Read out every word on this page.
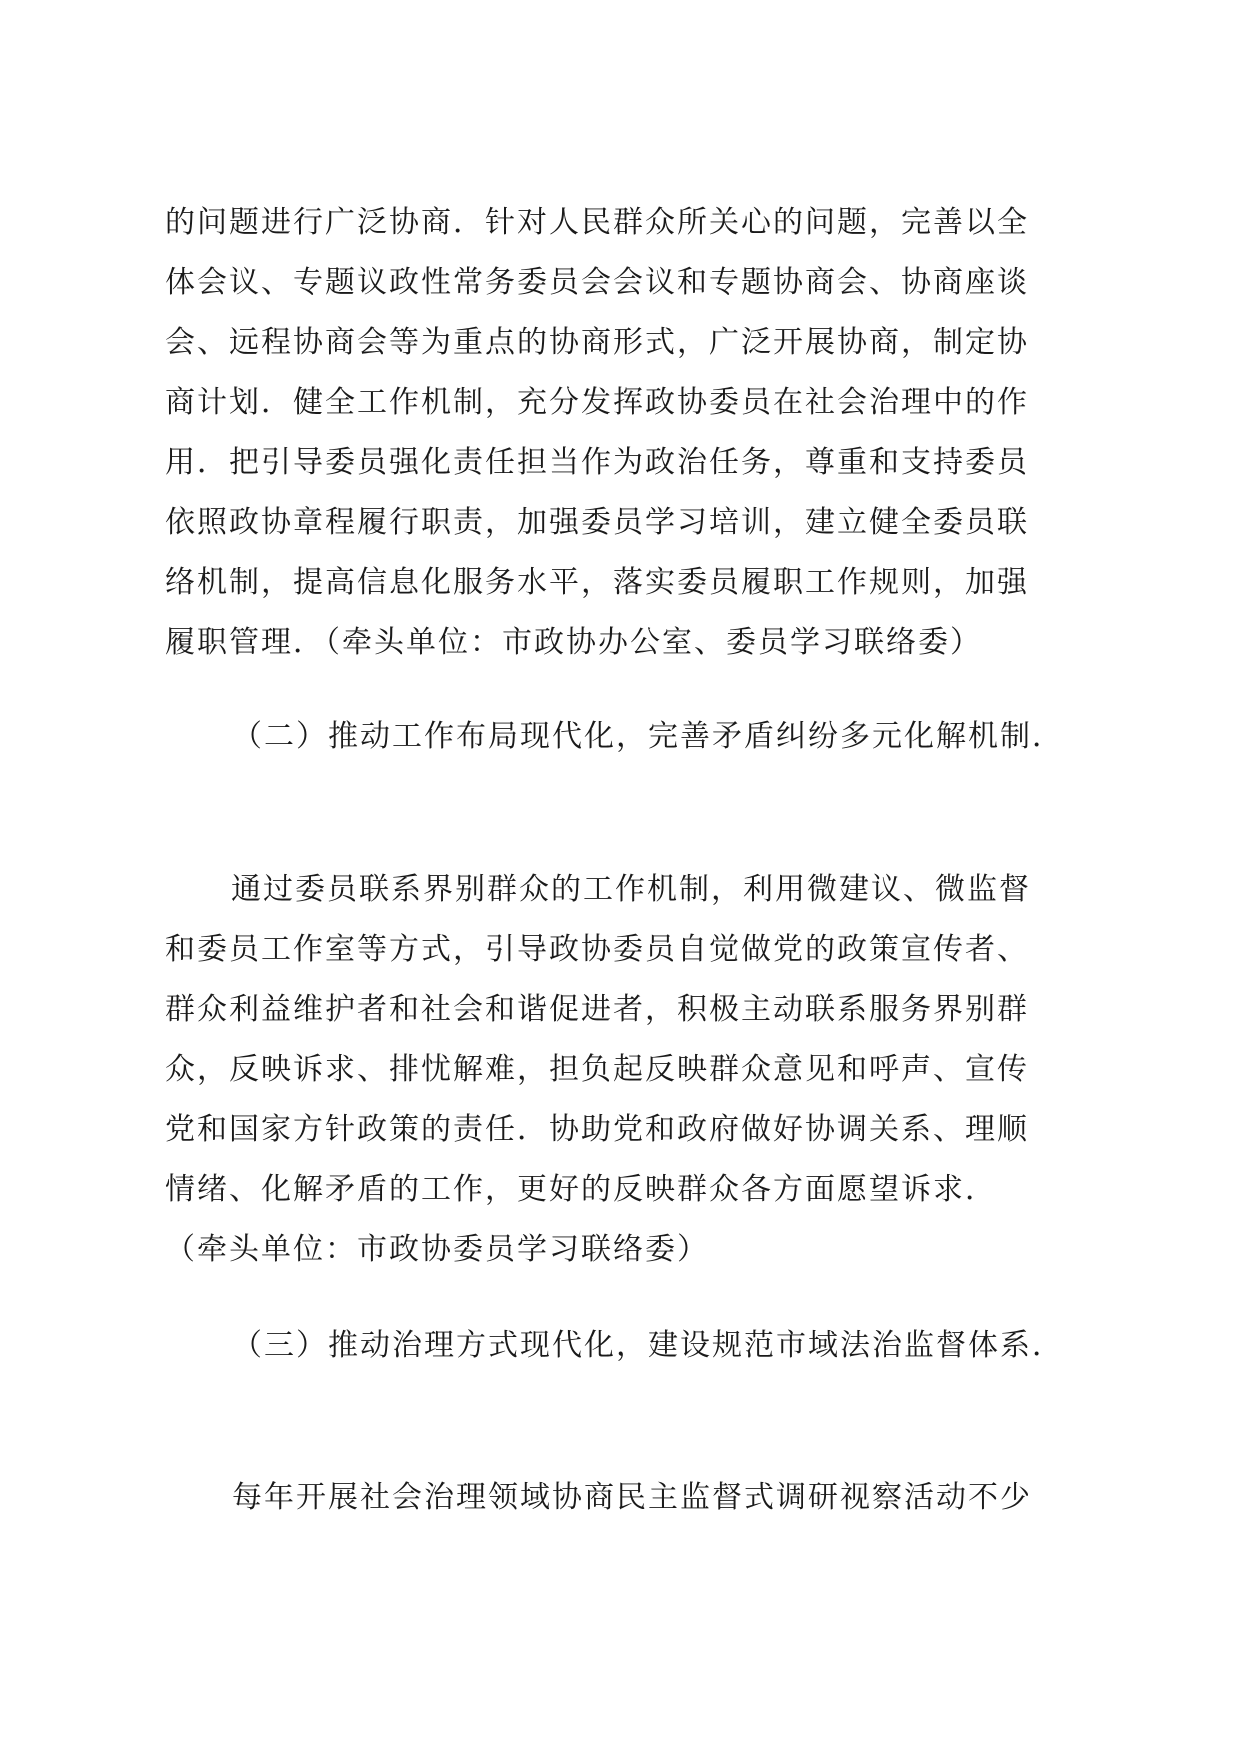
的问题进行广泛协商．针对人民群众所关心的问题，完善以全
体会议、专题议政性常务委员会会议和专题协商会、协商座谈
会、远程协商会等为重点的协商形式，广泛开展协商，制定协
商计划．健全工作机制，充分发挥政协委员在社会治理中的作
用．把引导委员强化责任担当作为政治任务，尊重和支持委员
依照政协章程履行职责，加强委员学习培训，建立健全委员联
络机制，提高信息化服务水平，落实委员履职工作规则，加强
履职管理．（牵头单位：市政协办公室、委员学习联络委）
（二）推动工作布局现代化，完善矛盾纠纷多元化解机制．
通过委员联系界别群众的工作机制，利用微建议、微监督
和委员工作室等方式，引导政协委员自觉做党的政策宣传者、
群众利益维护者和社会和谐促进者，积极主动联系服务界别群
众，反映诉求、排忧解难，担负起反映群众意见和呼声、宣传
党和国家方针政策的责任．协助党和政府做好协调关系、理顺
情绪、化解矛盾的工作，更好的反映群众各方面愿望诉求．
（牵头单位：市政协委员学习联络委）
（三）推动治理方式现代化，建设规范市域法治监督体系．
每年开展社会治理领域协商民主监督式调研视察活动不少
